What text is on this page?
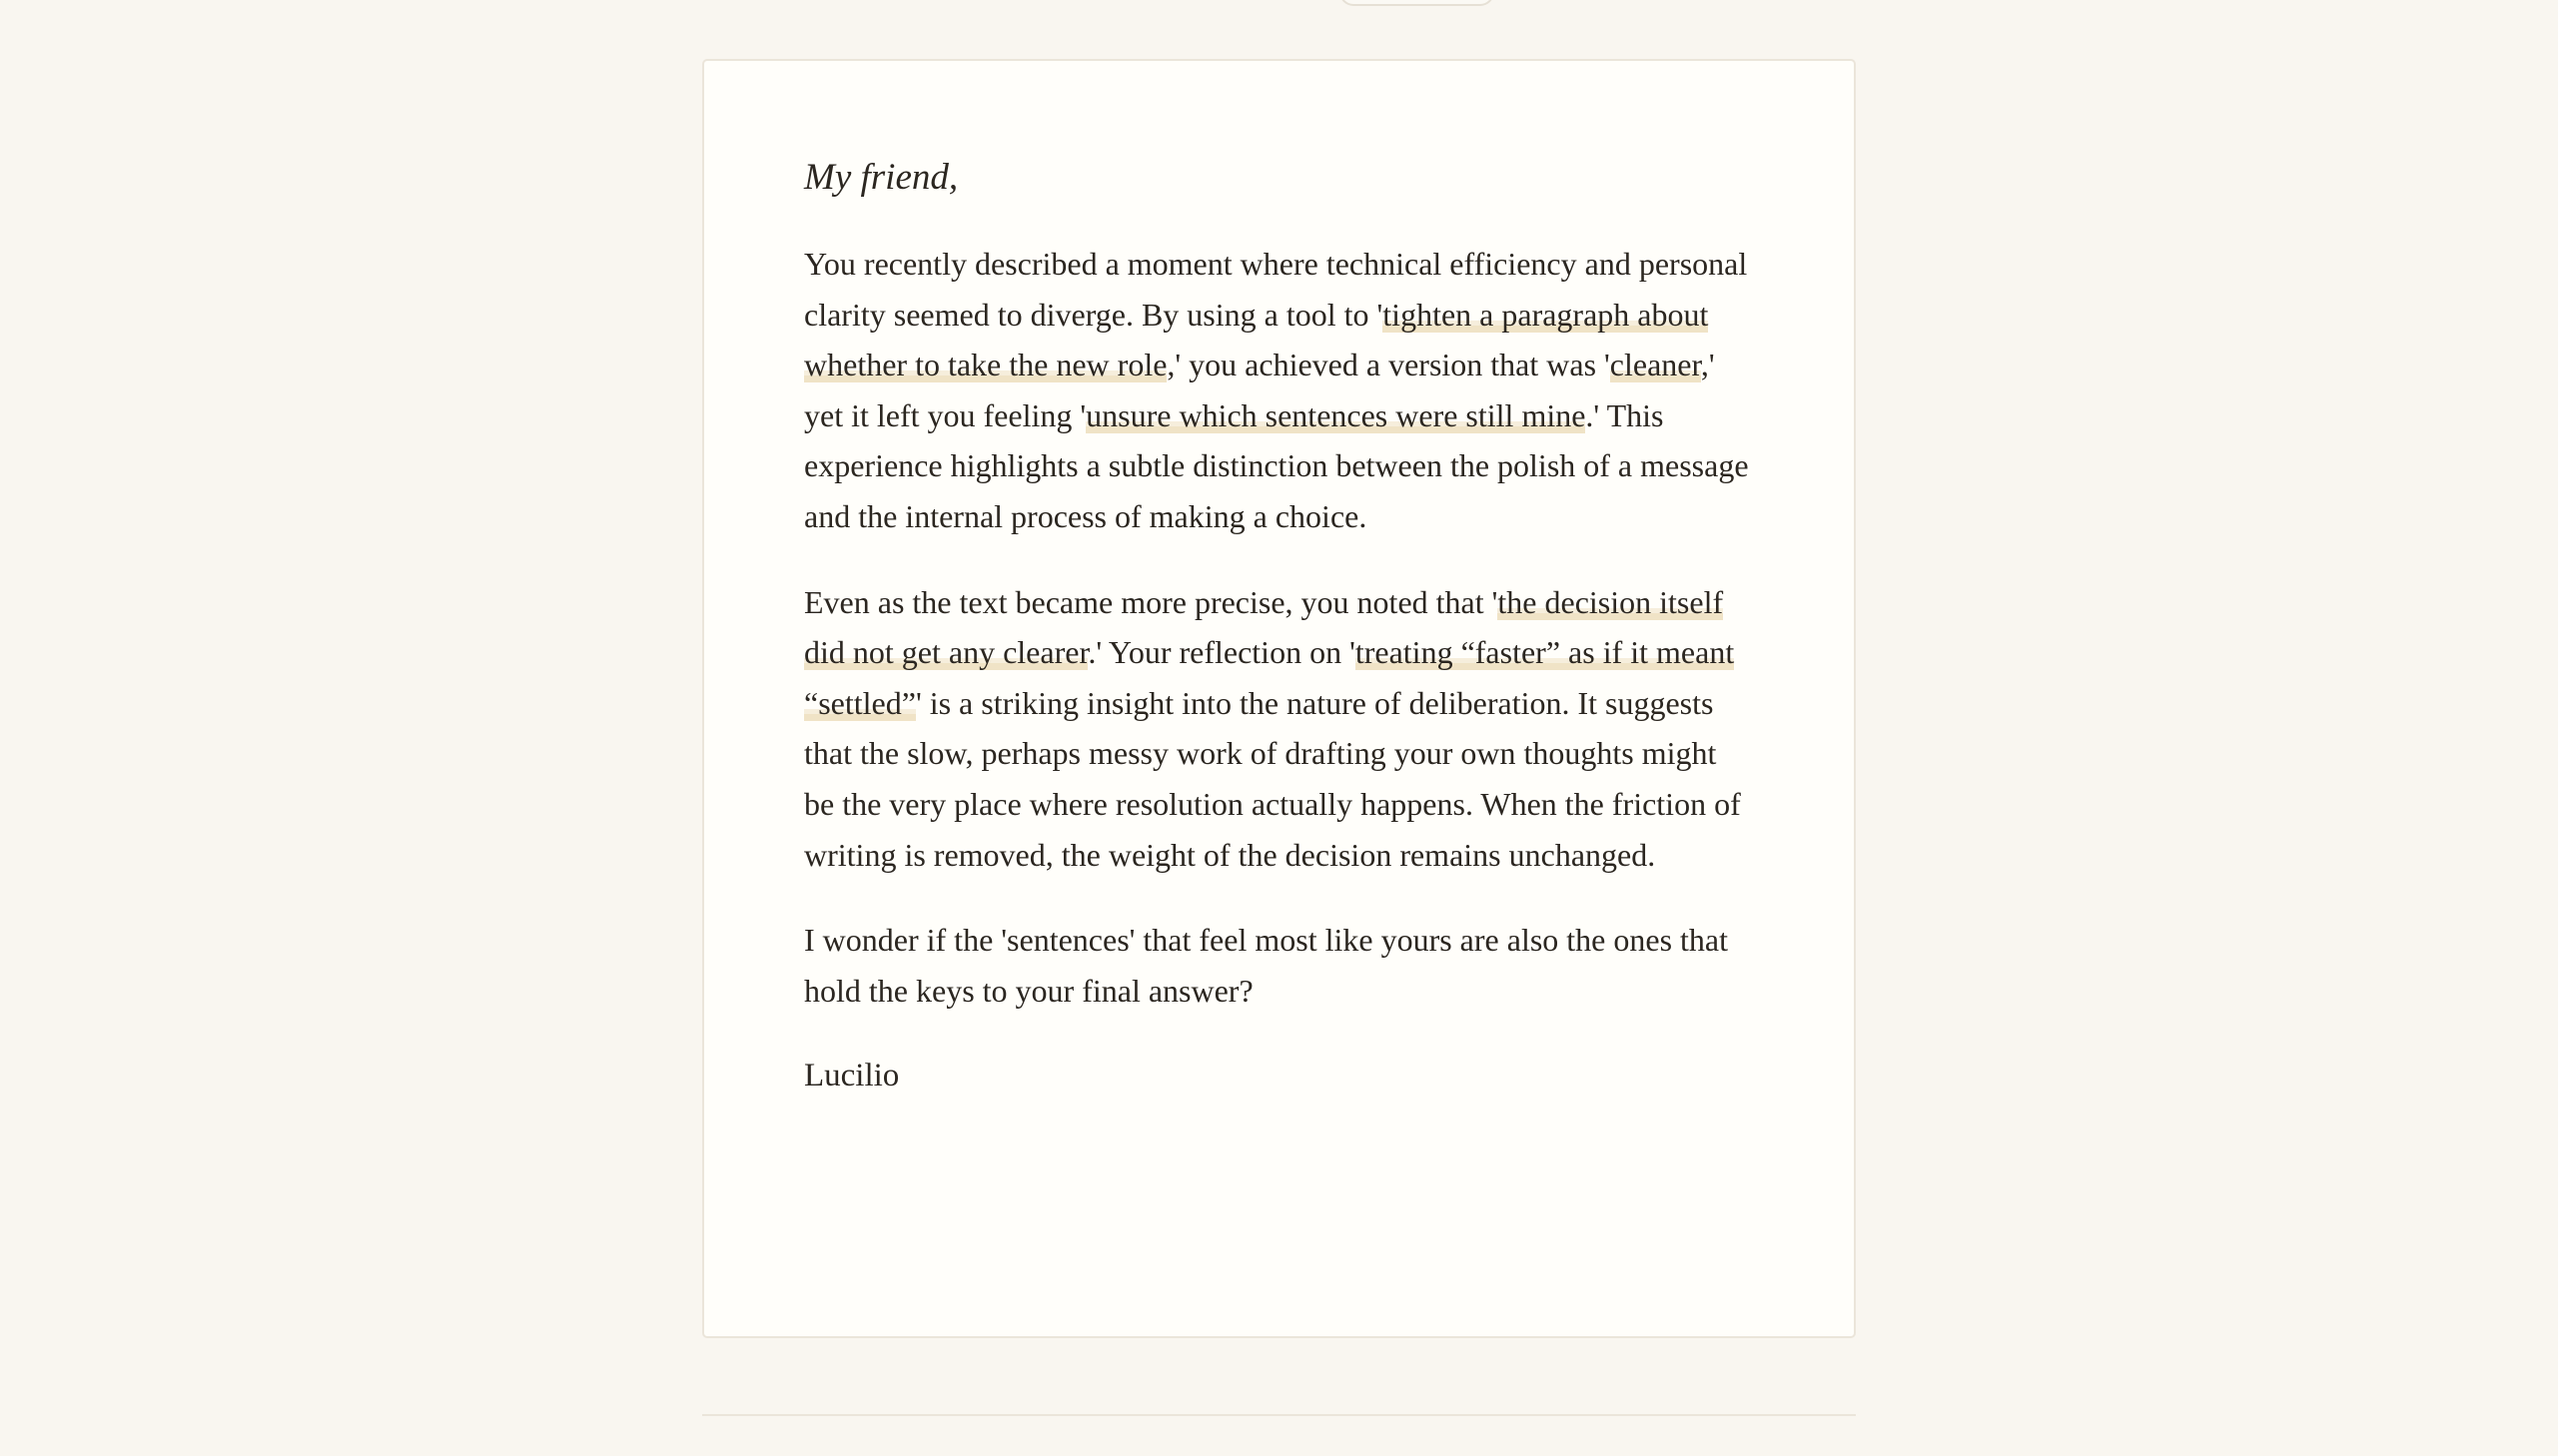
My friend,

You recently described a moment where technical efficiency and personal clarity seemed to diverge. By using a tool to 'tighten a paragraph about whether to take the new role,' you achieved a version that was 'cleaner,' yet it left you feeling 'unsure which sentences were still mine.' This experience highlights a subtle distinction between the polish of a message and the internal process of making a choice.

Even as the text became more precise, you noted that 'the decision itself did not get any clearer.' Your reflection on 'treating “faster” as if it meant “settled”' is a striking insight into the nature of deliberation. It suggests that the slow, perhaps messy work of drafting your own thoughts might be the very place where resolution actually happens. When the friction of writing is removed, the weight of the decision remains unchanged.

I wonder if the 'sentences' that feel most like yours are also the ones that hold the keys to your final answer?

Lucilio
